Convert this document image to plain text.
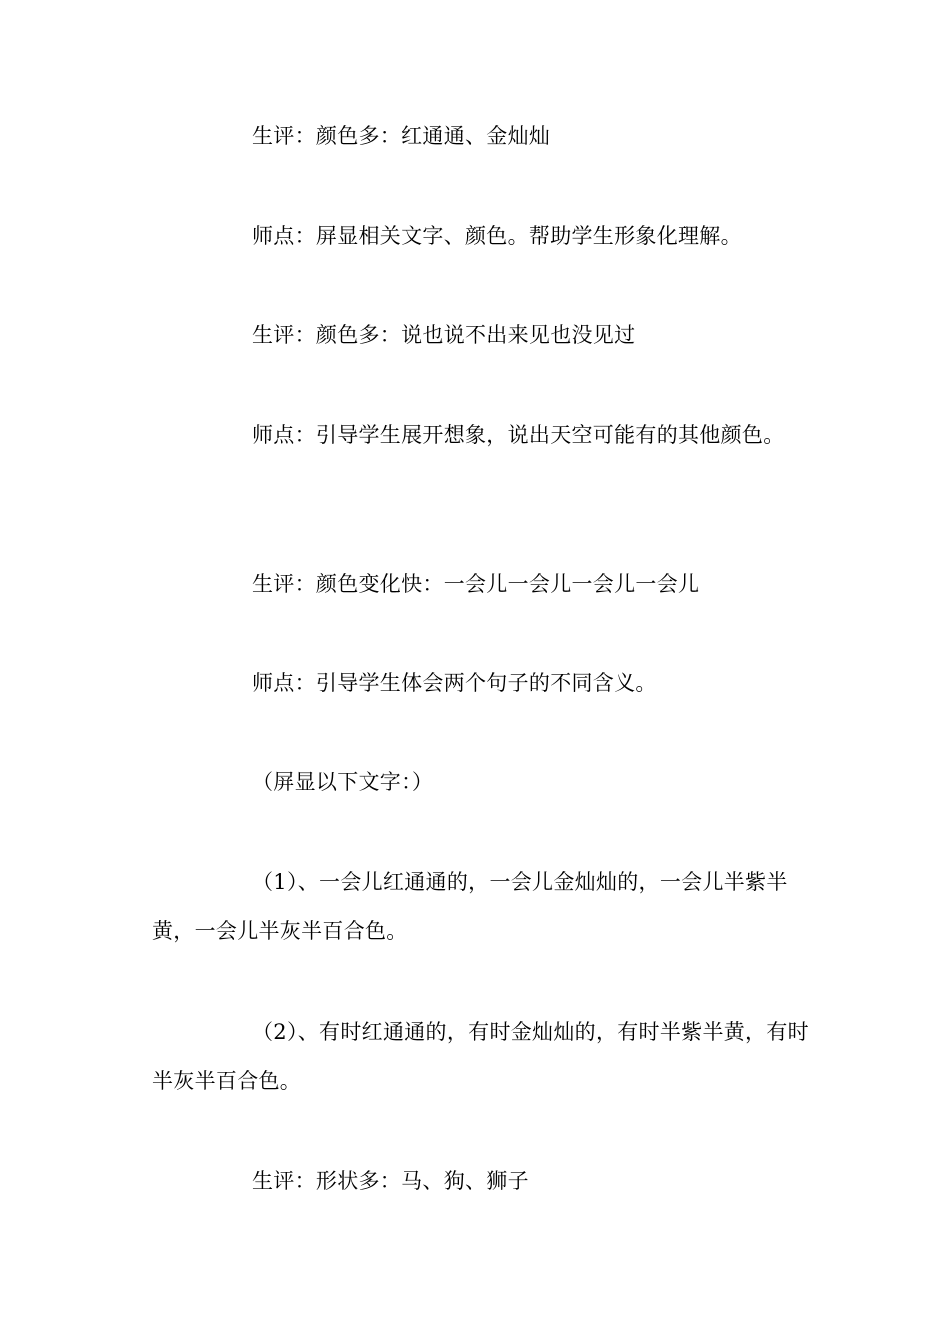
生评：颜色多：红通通、金灿灿

师点：屏显相关文字、颜色。帮助学生形象化理解。

生评：颜色多：说也说不出来见也没见过

师点：引导学生展开想象，说出天空可能有的其他颜色。

生评：颜色变化快：一会儿一会儿一会儿一会儿

师点：引导学生体会两个句子的不同含义。

（屏显以下文字：）

（1）、一会儿红通通的，一会儿金灿灿的，一会儿半紫半黄，一会儿半灰半百合色。

（2）、有时红通通的，有时金灿灿的，有时半紫半黄，有时半灰半百合色。

生评：形状多：马、狗、狮子
